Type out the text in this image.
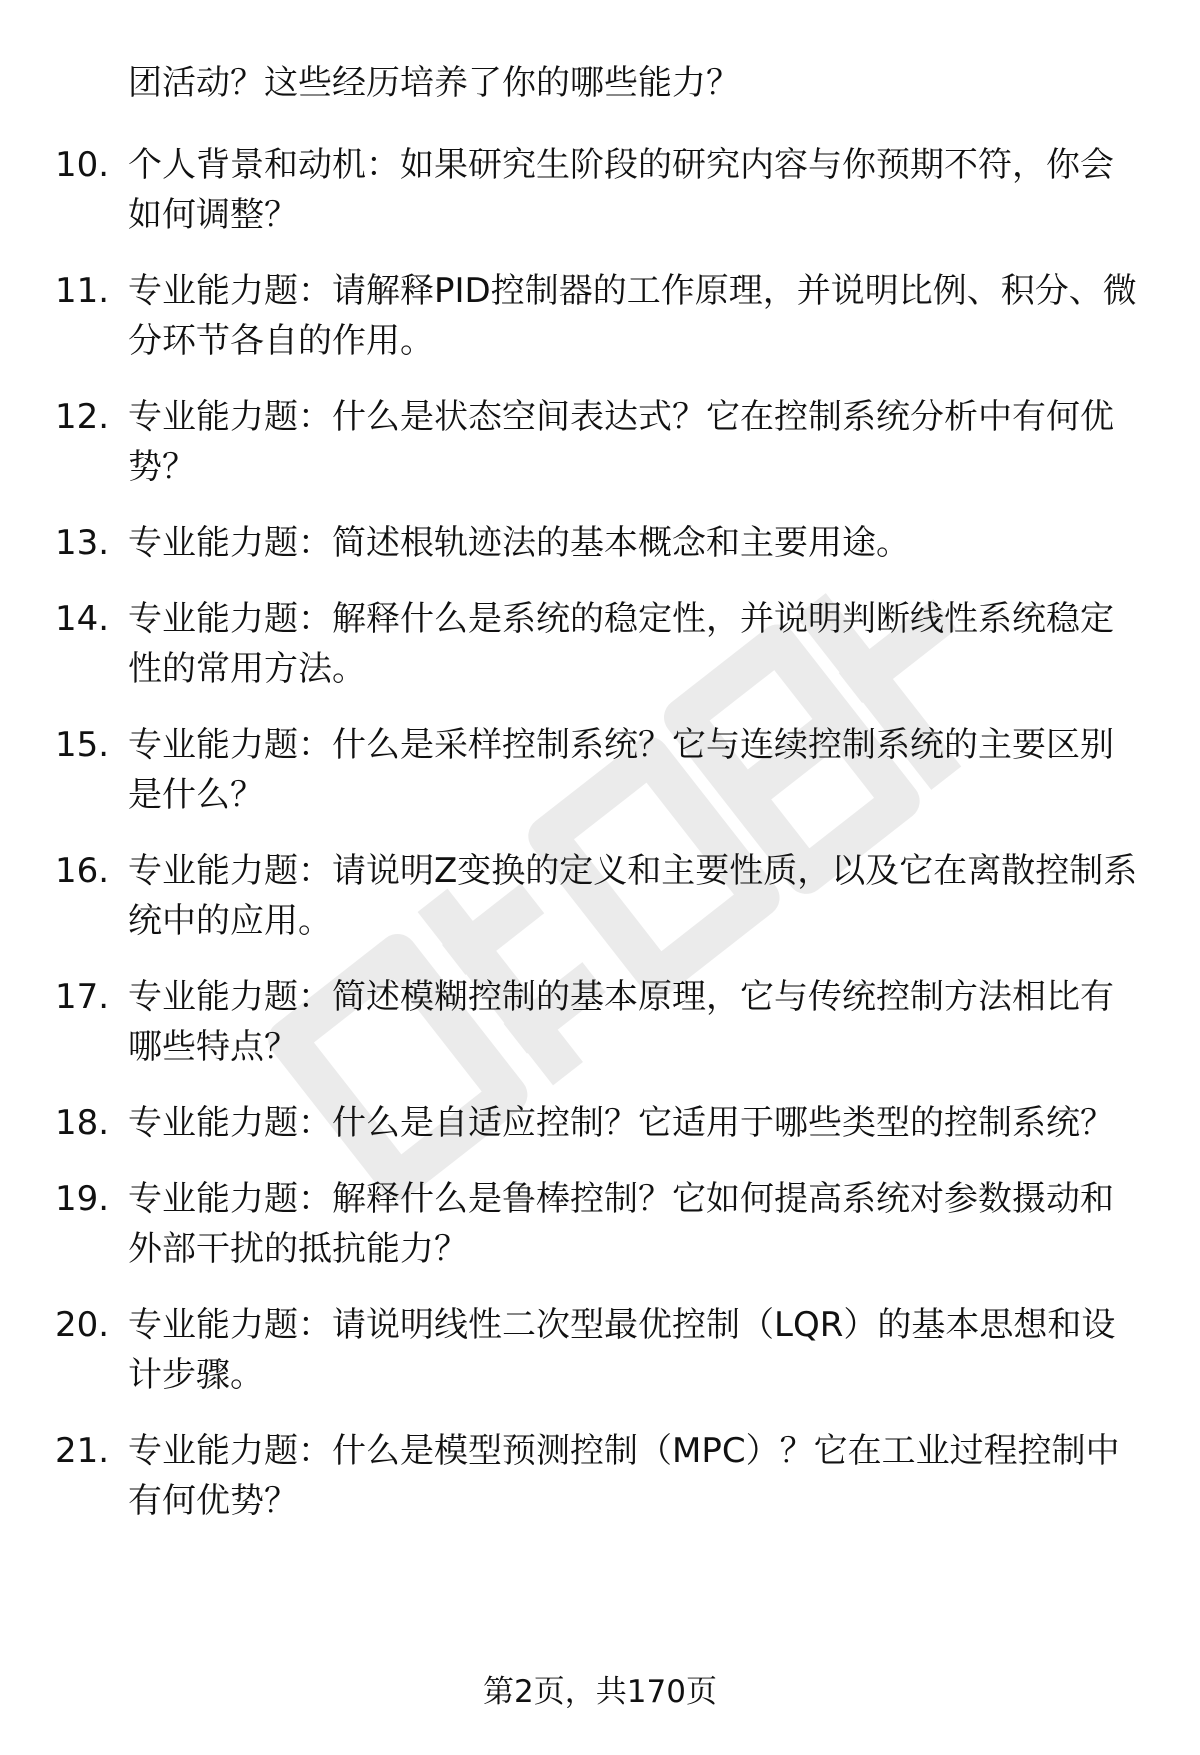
团活动？这些经历培养了你的哪些能力？
10. 个人背景和动机：如果研究生阶段的研究内容与你预期不符，你会如何调整？
11. 专业能力题：请解释PID控制器的工作原理，并说明比例、积分、微分环节各自的作用。
12. 专业能力题：什么是状态空间表达式？它在控制系统分析中有何优势？
13. 专业能力题：简述根轨迹法的基本概念和主要用途。
14. 专业能力题：解释什么是系统的稳定性，并说明判断线性系统稳定性的常用方法。
15. 专业能力题：什么是采样控制系统？它与连续控制系统的主要区别是什么？
16. 专业能力题：请说明Z变换的定义和主要性质，以及它在离散控制系统中的应用。
17. 专业能力题：简述模糊控制的基本原理，它与传统控制方法相比有哪些特点？
18. 专业能力题：什么是自适应控制？它适用于哪些类型的控制系统？
19. 专业能力题：解释什么是鲁棒控制？它如何提高系统对参数摄动和外部干扰的抵抗能力？
20. 专业能力题：请说明线性二次型最优控制（LQR）的基本思想和设计步骤。
21. 专业能力题：什么是模型预测控制（MPC）？它在工业过程控制中有何优势？
第2页，共170页
